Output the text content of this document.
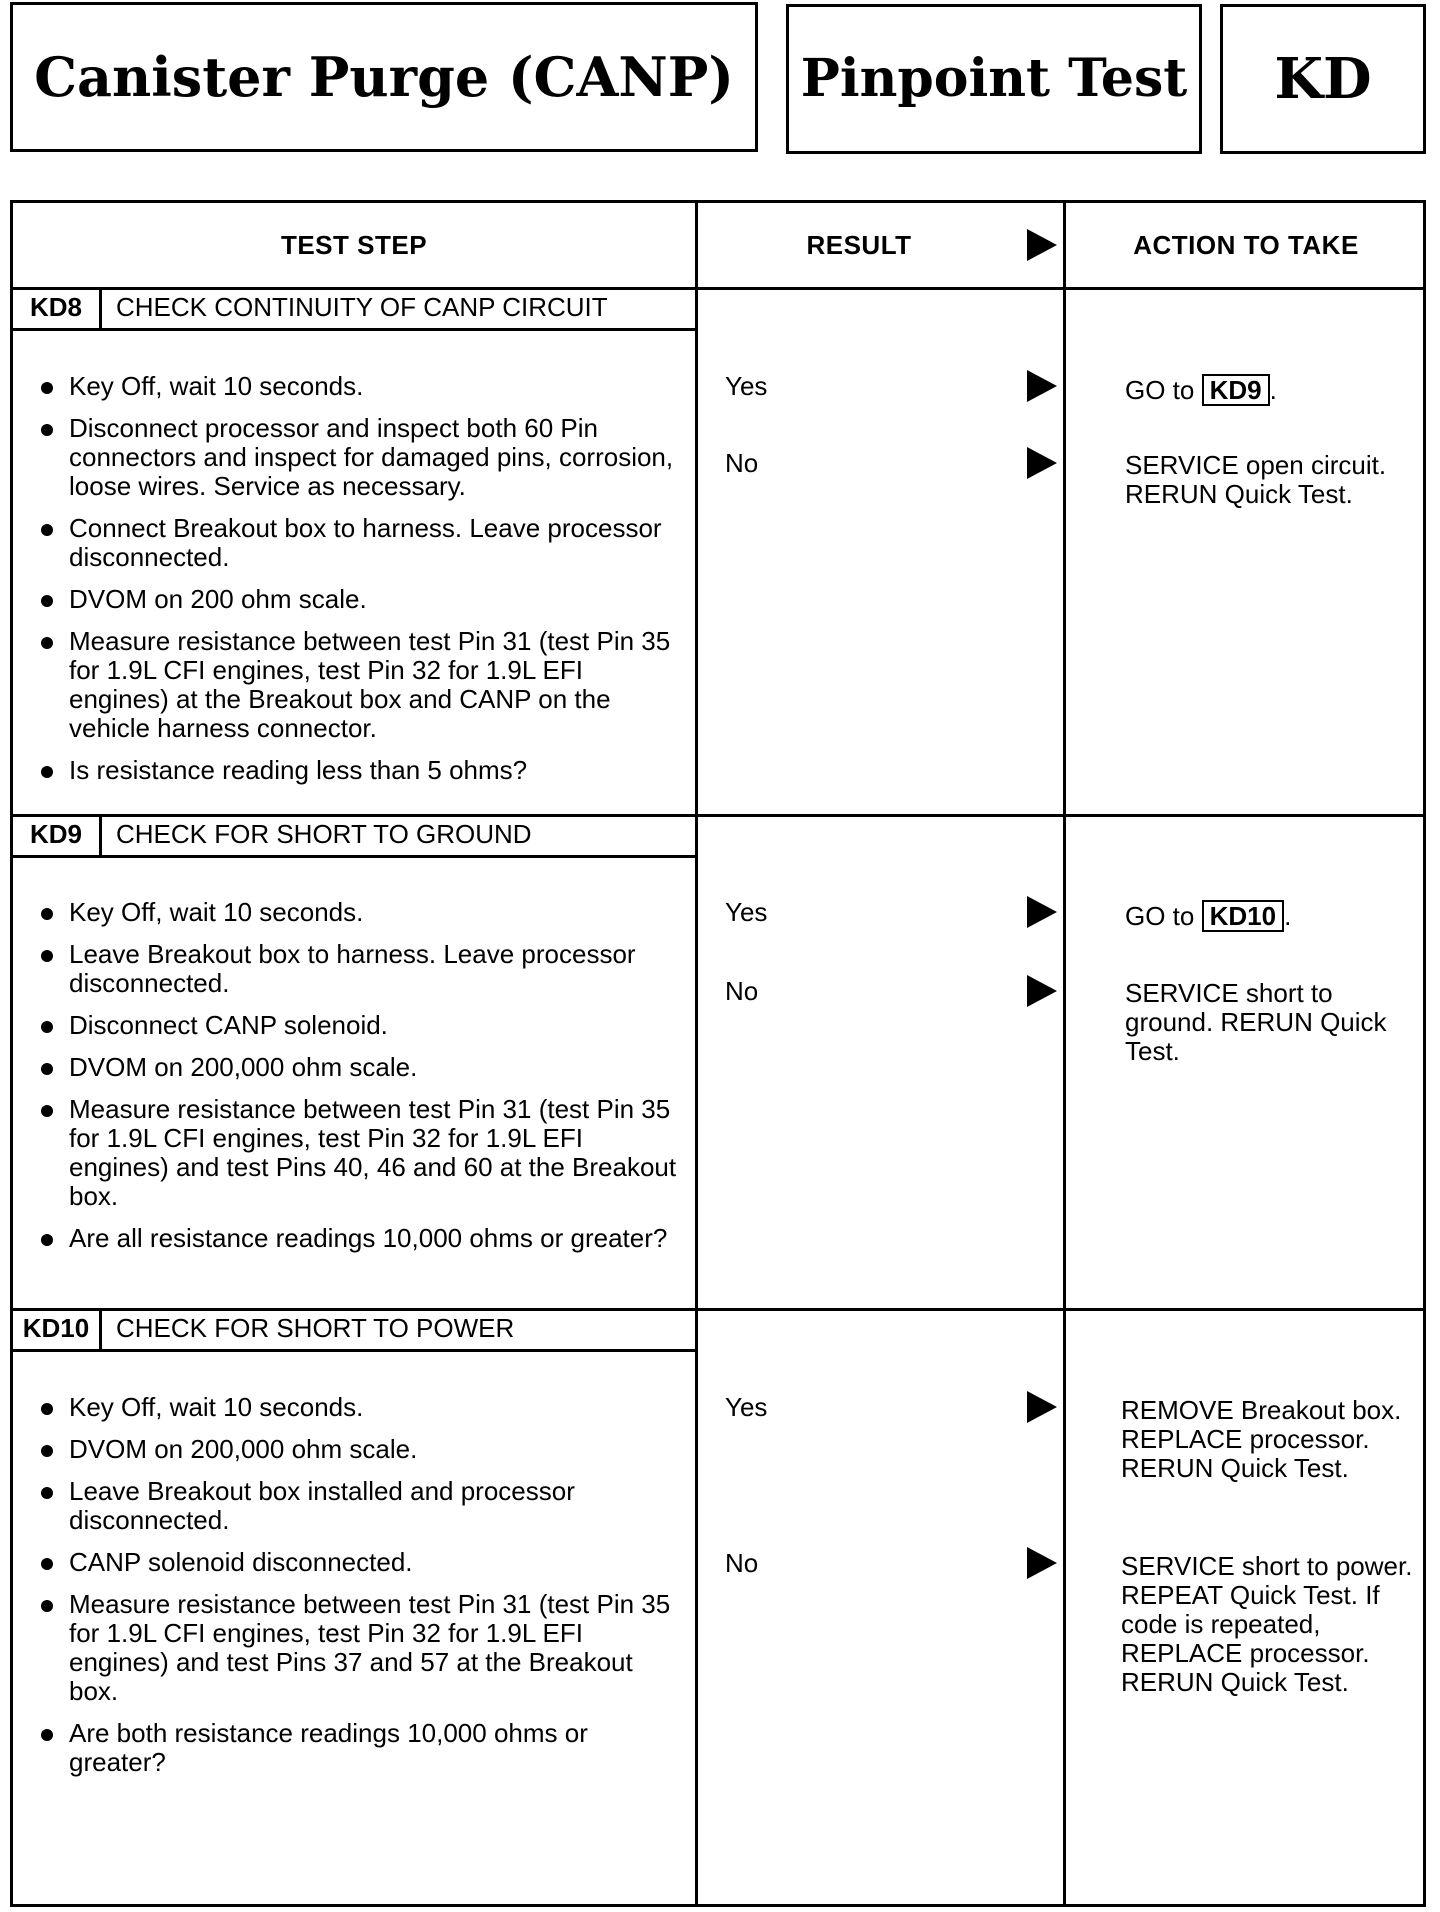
Canister Purge (CANP)	Pinpoint Test	KD
TEST STEP	RESULT	ACTION TO TAKE
KD8	CHECK CONTINUITY OF CANP CIRCUIT
Key Off, wait 10 seconds.
Disconnect processor and inspect both 60 Pin connectors and inspect for damaged pins, corrosion, loose wires. Service as necessary.
Connect Breakout box to harness. Leave processor disconnected.
DVOM on 200 ohm scale.
Measure resistance between test Pin 31 (test Pin 35 for 1.9L CFI engines, test Pin 32 for 1.9L EFI engines) at the Breakout box and CANP on the vehicle harness connector.
Is resistance reading less than 5 ohms?
Yes	GO to KD9 .
No	SERVICE open circuit. RERUN Quick Test.
KD9	CHECK FOR SHORT TO GROUND
Key Off, wait 10 seconds.
Leave Breakout box to harness. Leave processor disconnected.
Disconnect CANP solenoid.
DVOM on 200,000 ohm scale.
Measure resistance between test Pin 31 (test Pin 35 for 1.9L CFI engines, test Pin 32 for 1.9L EFI engines) and test Pins 40, 46 and 60 at the Breakout box.
Are all resistance readings 10,000 ohms or greater?
Yes	GO to KD10 .
No	SERVICE short to ground. RERUN Quick Test.
KD10	CHECK FOR SHORT TO POWER
Key Off, wait 10 seconds.
DVOM on 200,000 ohm scale.
Leave Breakout box installed and processor disconnected.
CANP solenoid disconnected.
Measure resistance between test Pin 31 (test Pin 35 for 1.9L CFI engines, test Pin 32 for 1.9L EFI engines) and test Pins 37 and 57 at the Breakout box.
Are both resistance readings 10,000 ohms or greater?
Yes	REMOVE Breakout box. REPLACE processor. RERUN Quick Test.
No	SERVICE short to power. REPEAT Quick Test. If code is repeated, REPLACE processor. RERUN Quick Test.
